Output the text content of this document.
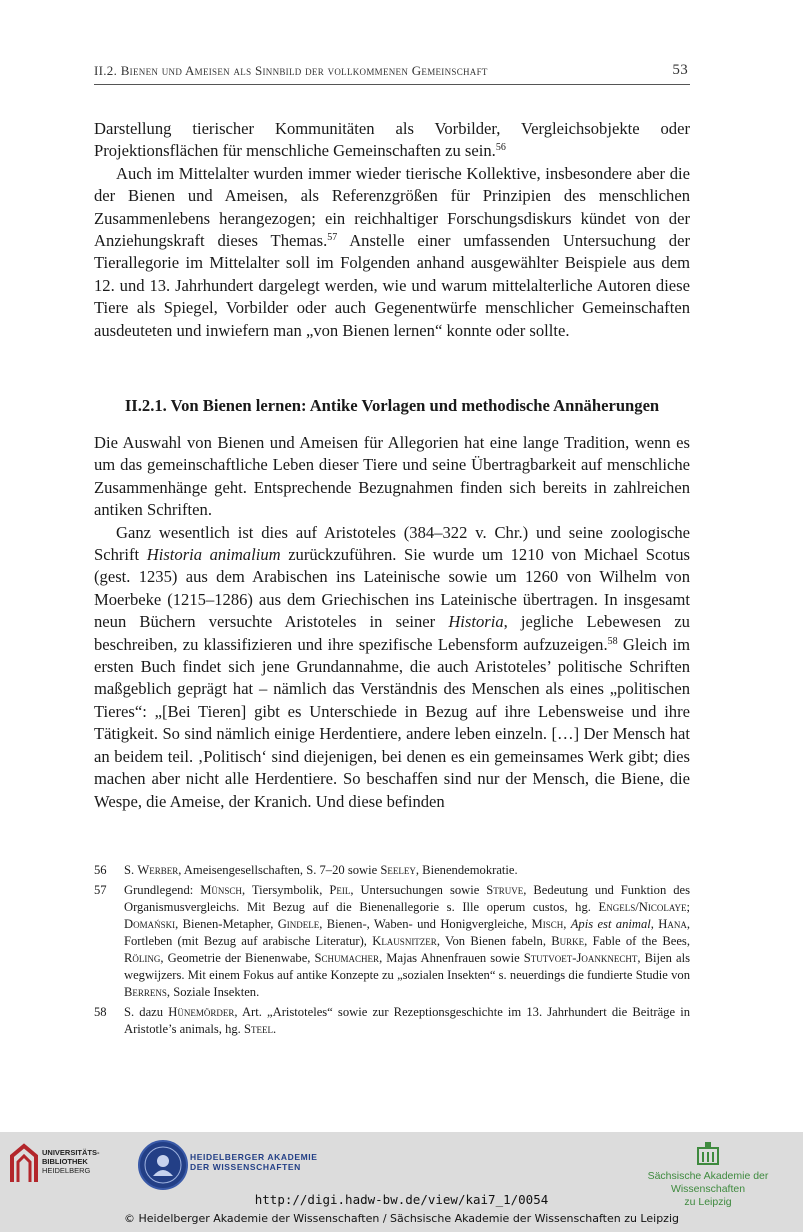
II.2. Bienen und Ameisen als Sinnbild der vollkommenen Gemeinschaft	53

Darstellung tierischer Kommunitäten als Vorbilder, Vergleichsobjekte oder Projektionsflächen für menschliche Gemeinschaften zu sein.$^{56}$

Auch im Mittelalter wurden immer wieder tierische Kollektive, insbesondere aber die der Bienen und Ameisen, als Referenzgrößen für Prinzipien des menschlichen Zusammenlebens herangezogen; ein reichhaltiger Forschungsdiskurs kündet von der Anziehungskraft dieses Themas.$^{57}$ Anstelle einer umfassenden Untersuchung der Tierallegorie im Mittelalter soll im Folgenden anhand ausgewählter Beispiele aus dem 12. und 13. Jahrhundert dargelegt werden, wie und warum mittelalterliche Autoren diese Tiere als Spiegel, Vorbilder oder auch Gegenentwürfe menschlicher Gemeinschaften ausdeuteten und inwiefern man „von Bienen lernen“ konnte oder sollte.

II.2.1. Von Bienen lernen: Antike Vorlagen und methodische Annäherungen

Die Auswahl von Bienen und Ameisen für Allegorien hat eine lange Tradition, wenn es um das gemeinschaftliche Leben dieser Tiere und seine Übertragbarkeit auf menschliche Zusammenhänge geht. Entsprechende Bezugnahmen finden sich bereits in zahlreichen antiken Schriften.

Ganz wesentlich ist dies auf Aristoteles (384–322 v. Chr.) und seine zoologische Schrift Historia animalium zurückzuführen. Sie wurde um 1210 von Michael Scotus (gest. 1235) aus dem Arabischen ins Lateinische sowie um 1260 von Wilhelm von Moerbeke (1215–1286) aus dem Griechischen ins Lateinische übertragen. In insgesamt neun Büchern versuchte Aristoteles in seiner Historia, jegliche Lebewesen zu beschreiben, zu klassifizieren und ihre spezifische Lebensform aufzuzeigen.$^{58}$ Gleich im ersten Buch findet sich jene Grundannahme, die auch Aristoteles’ politische Schriften maßgeblich geprägt hat – nämlich das Verständnis des Menschen als eines „politischen Tieres“: „[Bei Tieren] gibt es Unterschiede in Bezug auf ihre Lebensweise und ihre Tätigkeit. So sind nämlich einige Herdentiere, andere leben einzeln. […] Der Mensch hat an beidem teil. ‚Politisch‘ sind diejenigen, bei denen es ein gemeinsames Werk gibt; dies machen aber nicht alle Herdentiere. So beschaffen sind nur der Mensch, die Biene, die Wespe, die Ameise, der Kranich. Und diese befinden

56 S. Werber, Ameisengesellschaften, S. 7–20 sowie Seeley, Bienendemokratie.
57 Grundlegend: Münsch, Tiersymbolik, Peil, Untersuchungen sowie Struve, Bedeutung und Funktion des Organismusvergleichs. Mit Bezug auf die Bienenallegorie s. Ille operum custos, hg. Engels/Nicolaye; Domański, Bienen-Metapher, Gindele, Bienen-, Waben- und Honigvergleiche, Misch, Apis est animal, Hana, Fortleben (mit Bezug auf arabische Literatur), Klausnitzer, Von Bienen fabeln, Burke, Fable of the Bees, Röling, Geometrie der Bienenwabe, Schumacher, Majas Ahnenfrauen sowie Stutvoet-Joanknecht, Bijen als wegwijzers. Mit einem Fokus auf antike Konzepte zu „sozialen Insekten“ s. neuerdings die fundierte Studie von Berrens, Soziale Insekten.
58 S. dazu Hünemörder, Art. „Aristoteles“ sowie zur Rezeptionsgeschichte im 13. Jahrhundert die Beiträge in Aristotle’s animals, hg. Steel.
UNIVERSITÄTS-
BIBLIOTHEK
HEIDELBERG
HEIDELBERGER AKADEMIE
DER WISSENSCHAFTEN
Sächsische Akademie der Wissenschaften
zu Leipzig
http://digi.hadw-bw.de/view/kai7_1/0054
© Heidelberger Akademie der Wissenschaften / Sächsische Akademie der Wissenschaften zu Leipzig
